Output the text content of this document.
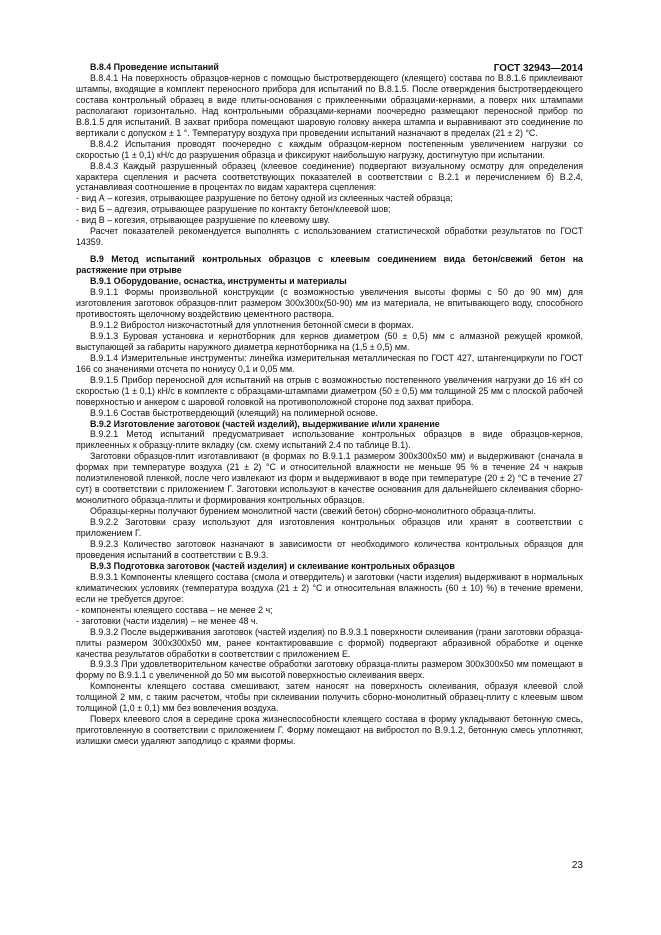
ГОСТ 32943—2014
В.8.4 Проведение испытаний
В.8.4.1 На поверхность образцов-кернов с помощью быстротвердеющего (клеящего) состава по В.8.1.6 приклеивают штампы, входящие в комплект переносного прибора для испытаний по В.8.1.5. После отверждения быстротвердеющего состава контрольный образец в виде плиты-основания с приклеенными образцами-кернами, а поверх них штампами располагают горизонтально. Над контрольными образцами-кернами поочередно размещают переносной прибор по В.8.1.5 для испытаний. В захват прибора помещают шаровую головку анкера штампа и выравнивают это соединение по вертикали с допуском ± 1 °. Температуру воздуха при проведении испытаний назначают в пределах (21 ± 2) °С.
В.8.4.2 Испытания проводят поочередно с каждым образцом-керном постепенным увеличением нагрузки со скоростью (1 ± 0,1) кН/с до разрушения образца и фиксируют наибольшую нагрузку, достигнутую при испытании.
В.8.4.3 Каждый разрушенный образец (клеевое соединение) подвергают визуальному осмотру для определения характера сцепления и расчета соответствующих показателей в соответствии с В.2.1 и перечислением б) В.2.4, устанавливая соотношение в процентах по видам характера сцепления:
- вид А – когезия, отрывающее разрушение по бетону одной из склеенных частей образца;
- вид Б – адгезия, отрывающее разрушение по контакту бетон/клеевой шов;
- вид В – когезия, отрывающее разрушение по клеевому шву.
Расчет показателей рекомендуется выполнять с использованием статистической обработки результатов по ГОСТ 14359.
В.9 Метод испытаний контрольных образцов с клеевым соединением вида бетон/свежий бетон на растяжение при отрыве
В.9.1 Оборудование, оснастка, инструменты и материалы
В.9.1.1 Формы произвольной конструкции (с возможностью увеличения высоты формы с 50 до 90 мм) для изготовления заготовок образцов-плит размером 300х300х(50-90) мм из материала, не впитывающего воду, способного противостоять щелочному воздействию цементного раствора.
В.9.1.2 Вибростол низкочастотный для уплотнения бетонной смеси в формах.
В.9.1.3 Буровая установка и кернотборник для кернов диаметром (50 ± 0,5) мм с алмазной режущей кромкой, выступающей за габариты наружного диаметра кернотборника на (1,5 ± 0,5) мм.
В.9.1.4 Измерительные инструменты: линейка измерительная металлическая по ГОСТ 427, штангенциркули по ГОСТ 166 со значениями отсчета по нониусу 0,1 и 0,05 мм.
В.9.1.5 Прибор переносной для испытаний на отрыв с возможностью постепенного увеличения нагрузки до 16 кН со скоростью (1 ± 0,1) кН/с в комплекте с образцами-штампами диаметром (50 ± 0,5) мм толщиной 25 мм с плоской рабочей поверхностью и анкером с шаровой головкой на противоположной стороне под захват прибора.
В.9.1.6 Состав быстротвердеющий (клеящий) на полимерной основе.
В.9.2 Изготовление заготовок (частей изделий), выдерживание и/или хранение
В.9.2.1 Метод испытаний предусматривает использование контрольных образцов в виде образцов-кернов, приклеенных к образцу-плите вкладку (см. схему испытаний 2.4 по таблице В.1).
Заготовки образцов-плит изготавливают (в формах по В.9.1.1 размером 300х300х50 мм) и выдерживают (сначала в формах при температуре воздуха (21 ± 2) °С и относительной влажности не меньше 95 % в течение 24 ч накрыв полиэтиленовой пленкой, после чего извлекают из форм и выдерживают в воде при температуре (20 ± 2) °С в течение 27 сут) в соответствии с приложением Г. Заготовки используют в качестве основания для дальнейшего склеивания сборно-монолитного образца-плиты и формирования контрольных образцов.
Образцы-керны получают бурением монолитной части (свежий бетон) сборно-монолитного образца-плиты.
В.9.2.2 Заготовки сразу используют для изготовления контрольных образцов или хранят в соответствии с приложением Г.
В.9.2.3 Количество заготовок назначают в зависимости от необходимого количества контрольных образцов для проведения испытаний в соответствии с В.9.3.
В.9.3 Подготовка заготовок (частей изделия) и склеивание контрольных образцов
В.9.3.1 Компоненты клеящего состава (смола и отвердитель) и заготовки (части изделия) выдерживают в нормальных климатических условиях (температура воздуха (21 ± 2) °С и относительная влажность (60 ± 10) %) в течение времени, если не требуется другое:
- компоненты клеящего состава – не менее 2 ч;
- заготовки (части изделия) – не менее 48 ч.
В.9.3.2 После выдерживания заготовок (частей изделия) по В.9.3.1 поверхности склеивания (грани заготовки образца-плиты размером 300х300х50 мм, ранее контактировавшие с формой) подвергают абразивной обработке и оценке качества результатов обработки в соответствии с приложением Е.
В.9.3.3 При удовлетворительном качестве обработки заготовку образца-плиты размером 300х300х50 мм помещают в форму по В.9.1.1 с увеличенной до 50 мм высотой поверхностью склеивания вверх.
Компоненты клеящего состава смешивают, затем наносят на поверхность склеивания, образуя клеевой слой толщиной 2 мм, с таким расчетом, чтобы при склеивании получить сборно-монолитный образец-плиту с клеевым швом толщиной (1,0 ± 0,1) мм без вовлечения воздуха.
Поверх клеевого слоя в середине срока жизнеспособности клеящего состава в форму укладывают бетонную смесь, приготовленную в соответствии с приложением Г. Форму помещают на вибростол по В.9.1.2, бетонную смесь уплотняют, излишки смеси удаляют заподлицо с краями формы.
23
